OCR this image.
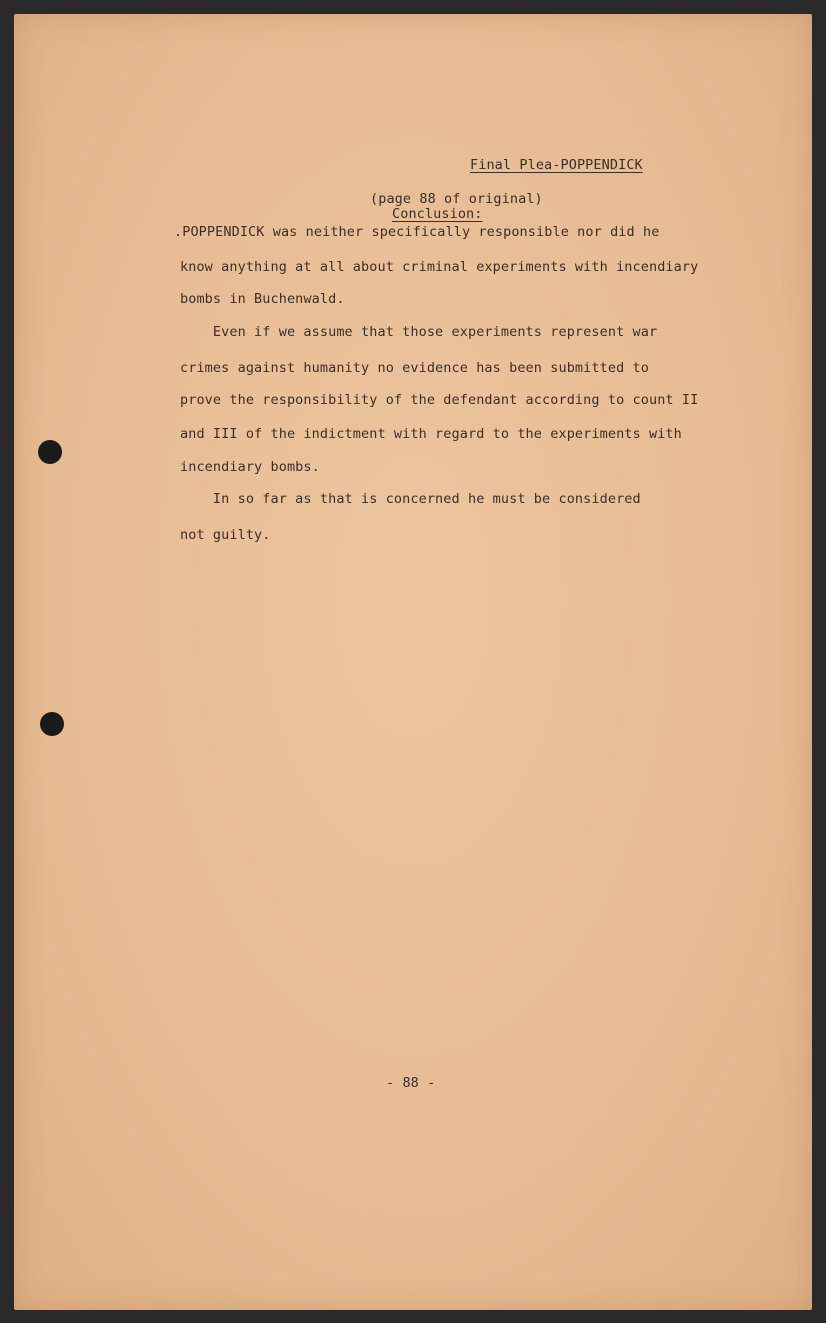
Final Plea-POPPENDICK
(page 88 of original)
Conclusion:
.POPPENDICK was neither specifically responsible nor did he
know anything at all about criminal experiments with incendiary
bombs in Buchenwald.
Even if we assume that those experiments represent war
crimes against humanity no evidence has been submitted to
prove the responsibility of the defendant according to count II
and III of the indictment with regard to the experiments with
incendiary bombs.
In so far as that is concerned he must be considered
not guilty.
- 88 -
